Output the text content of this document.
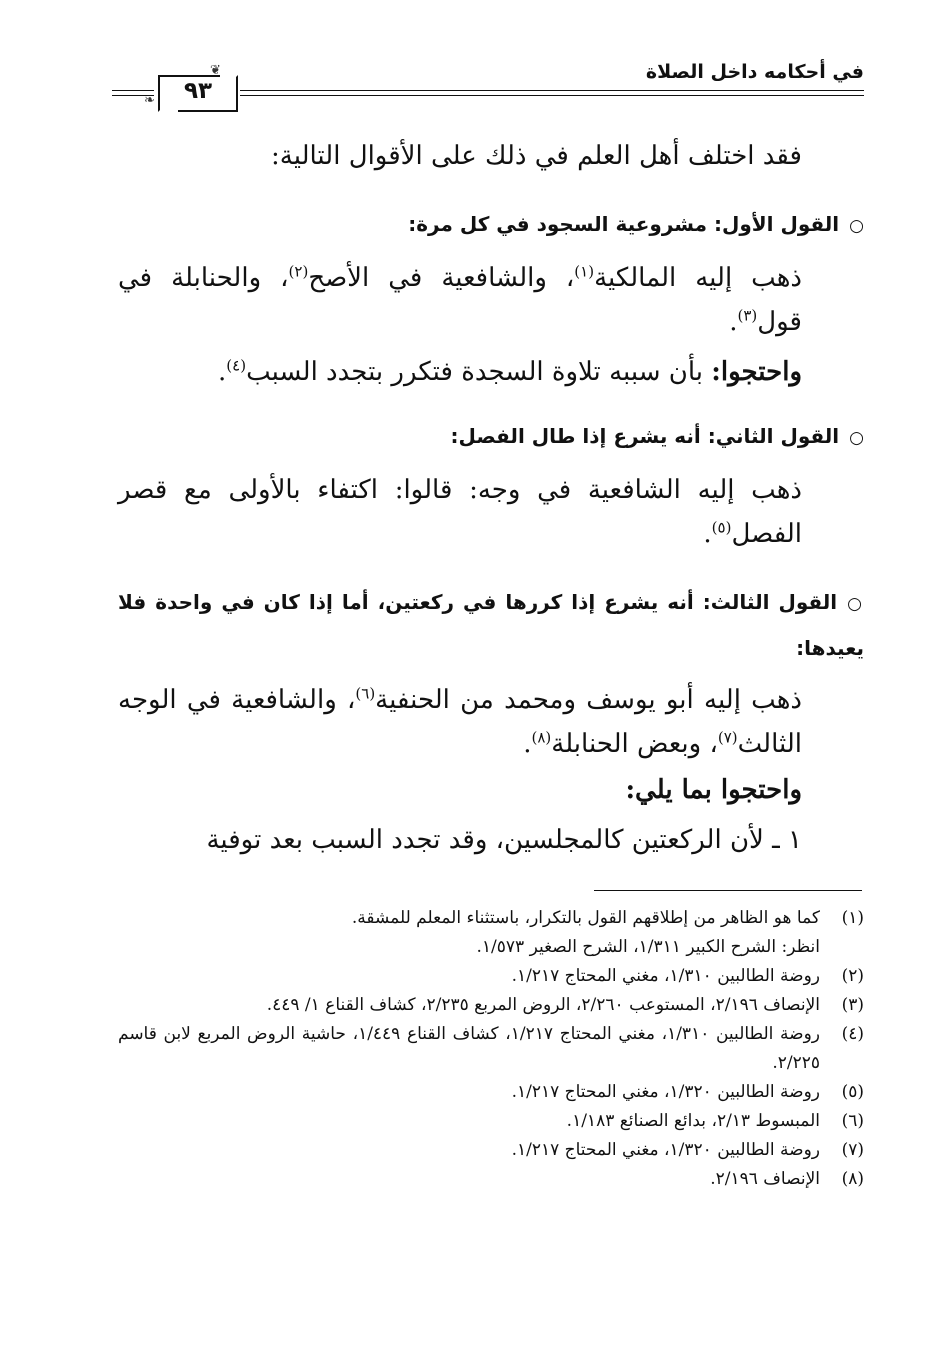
في أحكامه داخل الصلاة
٩٣
❦
❧
فقد اختلف أهل العلم في ذلك على الأقوال التالية:
○القول الأول: مشروعية السجود في كل مرة:
ذهب إليه المالكية$^{(١)}$، والشافعية في الأصح$^{(٢)}$، والحنابلة في قول$^{(٣)}$.
واحتجوا: بأن سببه تلاوة السجدة فتكرر بتجدد السبب$^{(٤)}$.
○القول الثاني: أنه يشرع إذا طال الفصل:
ذهب إليه الشافعية في وجه: قالوا: اكتفاء بالأولى مع قصر الفصل$^{(٥)}$.
○القول الثالث: أنه يشرع إذا كررها في ركعتين، أما إذا كان في واحدة فلا يعيدها:
ذهب إليه أبو يوسف ومحمد من الحنفية$^{(٦)}$، والشافعية في الوجه الثالث$^{(٧)}$، وبعض الحنابلة$^{(٨)}$.
واحتجوا بما يلي:
١ ـ لأن الركعتين كالمجلسين، وقد تجدد السبب بعد توفية
(١)
كما هو الظاهر من إطلاقهم القول بالتكرار، باستثناء المعلم للمشقة.
انظر: الشرح الكبير ١/٣١١، الشرح الصغير ١/٥٧٣.
(٢)
روضة الطالبين ١/٣١٠، مغني المحتاج ١/٢١٧.
(٣)
الإنصاف ٢/١٩٦، المستوعب ٢/٢٦٠، الروض المربع ٢/٢٣٥، كشاف القناع ١/ ٤٤٩.
(٤)
روضة الطالبين ١/٣١٠، مغني المحتاج ١/٢١٧، كشاف القناع ١/٤٤٩، حاشية الروض المربع لابن قاسم ٢/٢٢٥.
(٥)
روضة الطالبين ١/٣٢٠، مغني المحتاج ١/٢١٧.
(٦)
المبسوط ٢/١٣، بدائع الصنائع ١/١٨٣.
(٧)
روضة الطالبين ١/٣٢٠، مغني المحتاج ١/٢١٧.
(٨)
الإنصاف ٢/١٩٦.
